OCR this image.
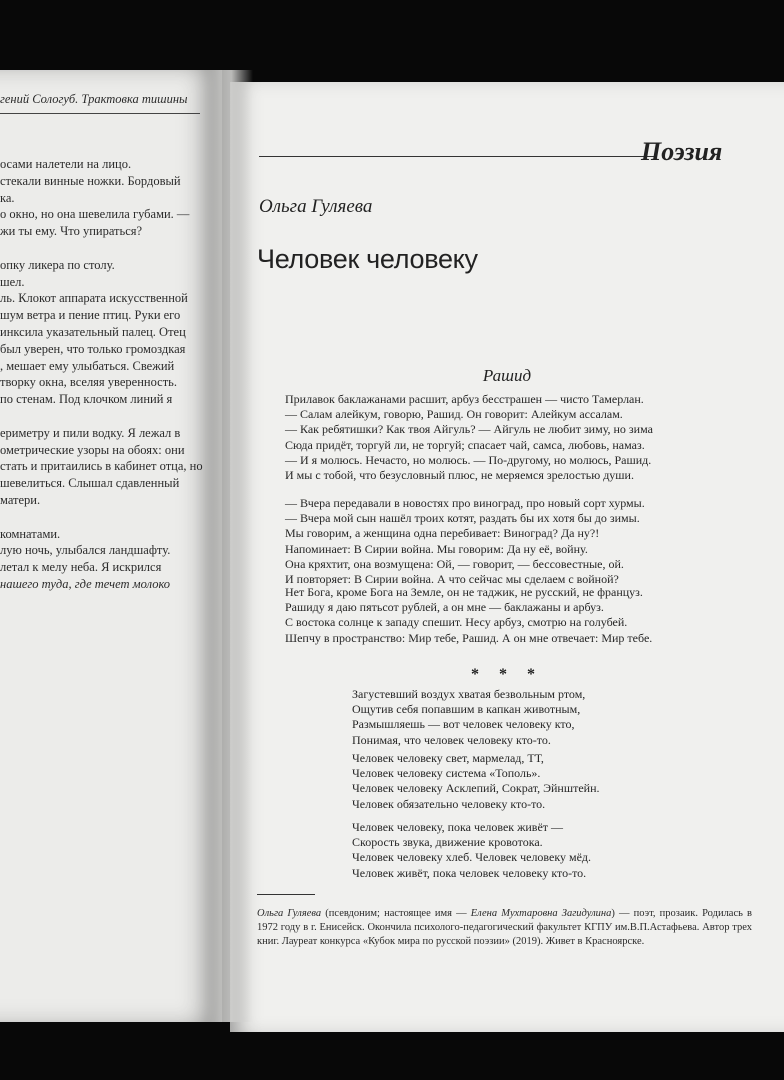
гений Сологуб. Трактовка тишины
осами налетели на лицо.
стекали винные ножки. Бордовый
ка.
о окно, но она шевелила губами. —
жи ты ему. Что упираться?
опку ликера по столу.
шел.
ль. Клокот аппарата искусственной
шум ветра и пение птиц. Руки его
инксила указательный палец. Отец
был уверен, что только громоздкая
, мешает ему улыбаться. Свежий
творку окна, вселяя уверенность.
по стенам. Под клочком линий я
ериметру и пили водку. Я лежал в
ометрические узоры на обоях: они
стать и притаились в кабинет отца, но
шевелиться. Слышал сдавленный
матери.
комнатами.
лую ночь, улыбался ландшафту.
летал к мелу неба. Я искрился
нашего туда, где течет молоко
Поэзия
Ольга Гуляева
Человек человеку
Рашид
Прилавок баклажанами расшит, арбуз бесстрашен — чисто Тамерлан.
— Салам алейкум, говорю, Рашид. Он говорит: Алейкум ассалам.
— Как ребятишки? Как твоя Айгуль? — Айгуль не любит зиму, но зима
Сюда придёт, торгуй ли, не торгуй; спасает чай, самса, любовь, намаз.
— И я молюсь. Нечасто, но молюсь. — По-другому, но молюсь, Рашид.
И мы с тобой, что безусловный плюс, не меряемся зрелостью души.
— Вчера передавали в новостях про виноград, про новый сорт хурмы.
— Вчера мой сын нашёл троих котят, раздать бы их хотя бы до зимы.
Мы говорим, а женщина одна перебивает: Виноград? Да ну?!
Напоминает: В Сирии война. Мы говорим: Да ну её, войну.
Она кряхтит, она возмущена: Ой, — говорит, — бессовестные, ой.
И повторяет: В Сирии война. А что сейчас мы сделаем с войной?
Нет Бога, кроме Бога на Земле, он не таджик, не русский, не француз.
Рашиду я даю пятьсот рублей, а он мне — баклажаны и арбуз.
С востока солнце к западу спешит. Несу арбуз, смотрю на голубей.
Шепчу в пространство: Мир тебе, Рашид. А он мне отвечает: Мир тебе.
* * *
Загустевший воздух хватая безвольным ртом,
Ощутив себя попавшим в капкан животным,
Размышляешь — вот человек человеку кто,
Понимая, что человек человеку кто-то.
Человек человеку свет, мармелад, ТТ,
Человек человеку система «Тополь».
Человек человеку Асклепий, Сократ, Эйнштейн.
Человек обязательно человеку кто-то.
Человек человеку, пока человек живёт —
Скорость звука, движение кровотока.
Человек человеку хлеб. Человек человеку мёд.
Человек живёт, пока человек человеку кто-то.
Ольга Гуляева (псевдоним; настоящее имя — Елена Мухтаровна Загидулина) — поэт, прозаик. Родилась в 1972 году в г. Енисейск. Окончила психолого-педагогический факультет КГПУ им.В.П.Астафьева. Автор трех книг. Лауреат конкурса «Кубок мира по русской поэзии» (2019). Живет в Красноярске.
